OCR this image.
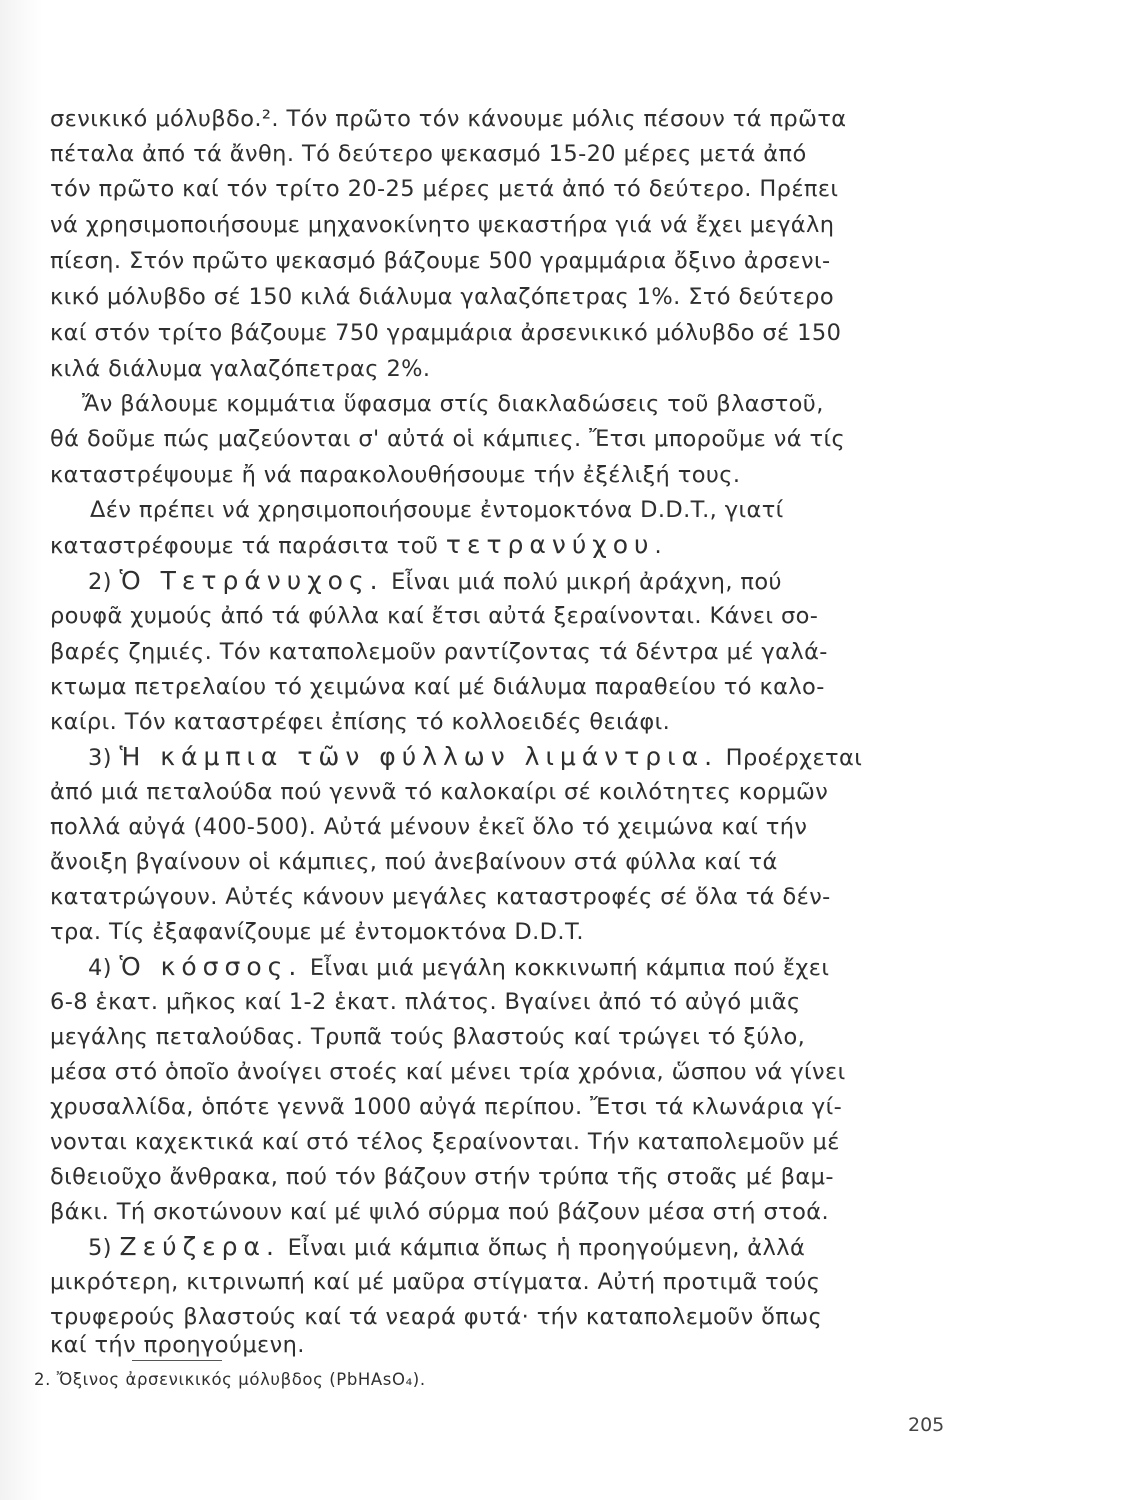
σενικικό μόλυβδο.². Τόν πρῶτο τόν κάνουμε μόλις πέσουν τά πρῶτα
πέταλα ἀπό τά ἄνθη. Τό δεύτερο ψεκασμό 15-20 μέρες μετά ἀπό
τόν πρῶτο καί τόν τρίτο 20-25 μέρες μετά ἀπό τό δεύτερο. Πρέπει
νά χρησιμοποιήσουμε μηχανοκίνητο ψεκαστήρα γιά νά ἔχει μεγάλη
πίεση. Στόν πρῶτο ψεκασμό βάζουμε 500 γραμμάρια ὄξινο ἀρσενι-
κικό μόλυβδο σέ 150 κιλά διάλυμα γαλαζόπετρας 1%. Στό δεύτερο
καί στόν τρίτο βάζουμε 750 γραμμάρια ἀρσενικικό μόλυβδο σέ 150
κιλά διάλυμα γαλαζόπετρας 2%.
Ἄν βάλουμε κομμάτια ὕφασμα στίς διακλαδώσεις τοῦ βλαστοῦ,
θά δοῦμε πώς μαζεύονται σ' αὐτά οἱ κάμπιες. Ἔτσι μποροῦμε νά τίς
καταστρέψουμε ἤ νά παρακολουθήσουμε τήν ἐξέλιξή τους.
Δέν πρέπει νά χρησιμοποιήσουμε ἐντομοκτόνα D.D.T., γιατί
καταστρέφουμε τά παράσιτα τοῦ τετρανύχου.
2) Ὁ Τετράνυχος. Εἶναι μιά πολύ μικρή ἀράχνη, πού
ρουφᾶ χυμούς ἀπό τά φύλλα καί ἔτσι αὐτά ξεραίνονται. Κάνει σο-
βαρές ζημιές. Τόν καταπολεμοῦν ραντίζοντας τά δέντρα μέ γαλά-
κτωμα πετρελαίου τό χειμώνα καί μέ διάλυμα παραθείου τό καλο-
καίρι. Τόν καταστρέφει ἐπίσης τό κολλοειδές θειάφι.
3) Ἡ κάμπια τῶν φύλλων λιμάντρια. Προέρχεται
ἀπό μιά πεταλούδα πού γεννᾶ τό καλοκαίρι σέ κοιλότητες κορμῶν
πολλά αὐγά (400-500). Αὐτά μένουν ἐκεῖ ὅλο τό χειμώνα καί τήν
ἄνοιξη βγαίνουν οἱ κάμπιες, πού ἀνεβαίνουν στά φύλλα καί τά
κατατρώγουν. Αὐτές κάνουν μεγάλες καταστροφές σέ ὅλα τά δέν-
τρα. Τίς ἐξαφανίζουμε μέ ἐντομοκτόνα D.D.T.
4) Ὁ κόσσος. Εἶναι μιά μεγάλη κοκκινωπή κάμπια πού ἔχει
6-8 ἑκατ. μῆκος καί 1-2 ἑκατ. πλάτος. Βγαίνει ἀπό τό αὐγό μιᾶς
μεγάλης πεταλούδας. Τρυπᾶ τούς βλαστούς καί τρώγει τό ξύλο,
μέσα στό ὁποῖο ἀνοίγει στοές καί μένει τρία χρόνια, ὥσπου νά γίνει
χρυσαλλίδα, ὁπότε γεννᾶ 1000 αὐγά περίπου. Ἔτσι τά κλωνάρια γί-
νονται καχεκτικά καί στό τέλος ξεραίνονται. Τήν καταπολεμοῦν μέ
διθειοῦχο ἄνθρακα, πού τόν βάζουν στήν τρύπα τῆς στοᾶς μέ βαμ-
βάκι. Τή σκοτώνουν καί μέ ψιλό σύρμα πού βάζουν μέσα στή στοά.
5) Ζεύζερα. Εἶναι μιά κάμπια ὅπως ἡ προηγούμενη, ἀλλά
μικρότερη, κιτρινωπή καί μέ μαῦρα στίγματα. Αὐτή προτιμᾶ τούς
τρυφερούς βλαστούς καί τά νεαρά φυτά· τήν καταπολεμοῦν ὅπως
καί τήν προηγούμενη.
2. Ὄξινος ἀρσενικικός μόλυβδος (PbHAsO₄).
205
